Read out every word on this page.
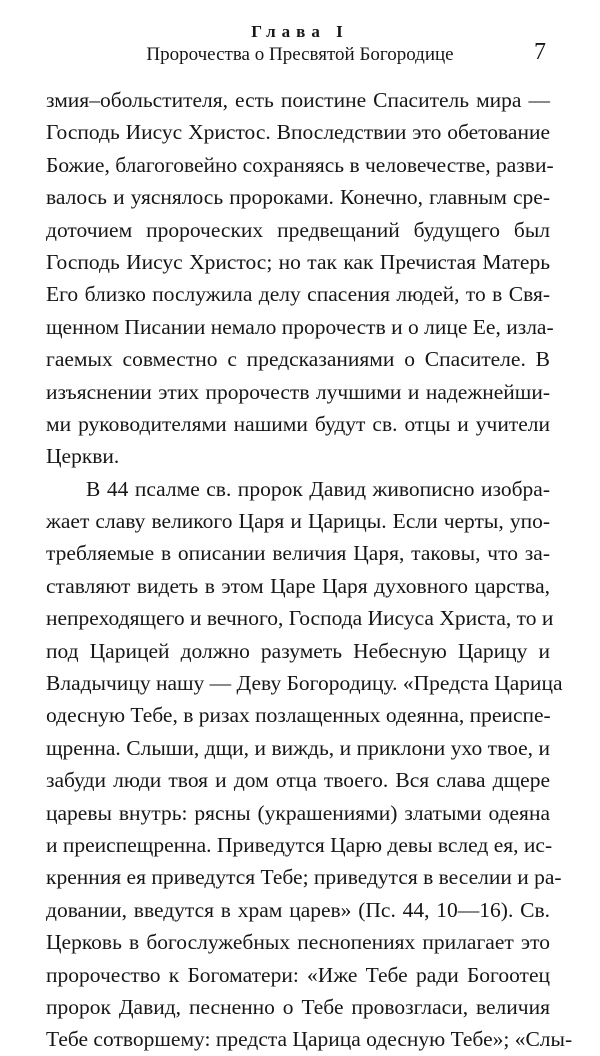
Глава I
Пророчества о Пресвятой Богородице	7
змия–обольстителя, есть поистине Спаситель мира —
Господь Иисус Христос. Впоследствии это обетование
Божие, благоговейно сохраняясь в человечестве, разви-
валось и уяснялось пророками. Конечно, главным сре-
доточием пророческих предвещаний будущего был
Господь Иисус Христос; но так как Пречистая Матерь
Его близко послужила делу спасения людей, то в Свя-
щенном Писании немало пророчеств и о лице Ее, изла-
гаемых совместно с предсказаниями о Спасителе. В
изъяснении этих пророчеств лучшими и надежнейши-
ми руководителями нашими будут св. отцы и учители
Церкви.
В 44 псалме св. пророк Давид живописно изобра-
жает славу великого Царя и Царицы. Если черты, упо-
требляемые в описании величия Царя, таковы, что за-
ставляют видеть в этом Царе Царя духовного царства,
непреходящего и вечного, Господа Иисуса Христа, то и
под Царицей должно разуметь Небесную Царицу и
Владычицу нашу — Деву Богородицу. «Предста Царица
одесную Тебе, в ризах позлащенных одеянна, преиспе-
щренна. Слыши, дщи, и виждь, и приклони ухо твое, и
забуди люди твоя и дом отца твоего. Вся слава дщере
царевы внутрь: рясны (украшениями) златыми одеяна
и преиспещренна. Приведутся Царю девы вслед ея, ис-
кренния ея приведутся Тебе; приведутся в веселии и ра-
довании, введутся в храм царев» (Пс. 44, 10—16). Св.
Церковь в богослужебных песнопениях прилагает это
пророчество к Богоматери: «Иже Тебе ради Богоотец
пророк Давид, песненно о Тебе провозгласи, величия
Тебе сотворшему: предста Царица одесную Тебе»; «Слы-
